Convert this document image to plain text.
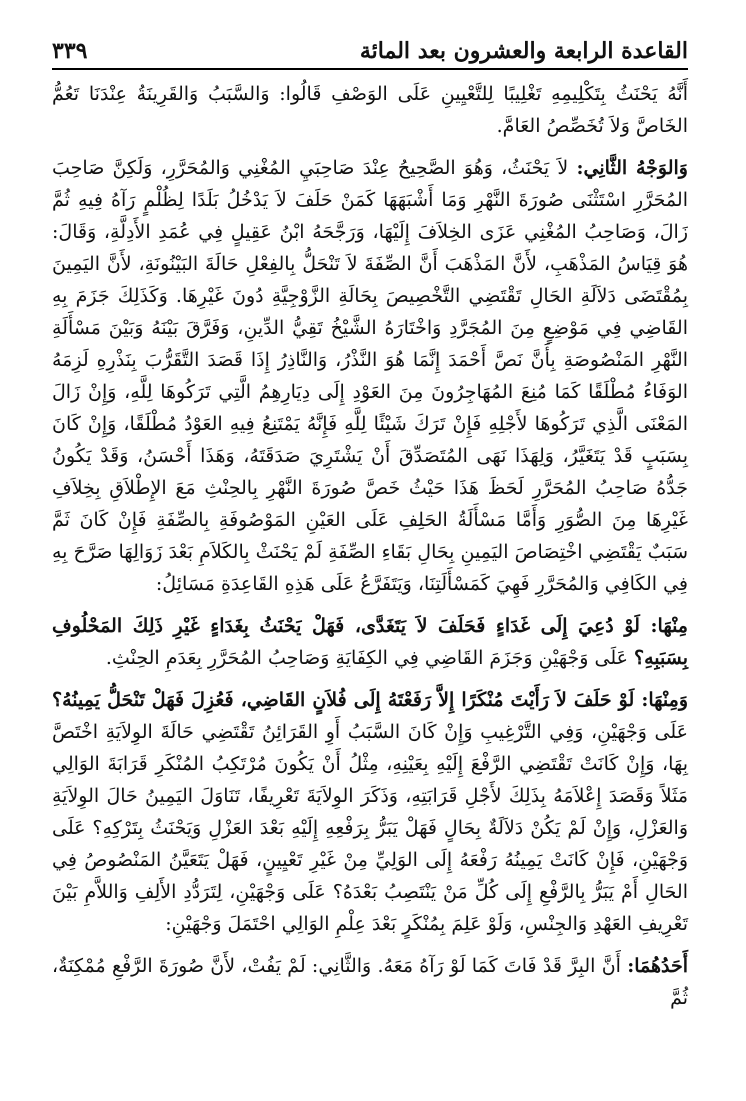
القاعدة الرابعة والعشرون بعد المائة
٣٣٩

أَنَّهُ يَحْنَثُ بِتَكْلِيمِهِ تَغْلِيبًا لِلتَّعْيِينِ عَلَى الوَصْفِ قَالُوا: وَالسَّبَبُ وَالقَرِينَةُ عِنْدَنَا تَعُمُّ الخَاصَّ وَلاَ تُخَصِّصُ العَامَّ.

وَالوَجْهُ الثَّانِي: لاَ يَحْنَثُ، وَهُوَ الصَّحِيحُ عِنْدَ صَاحِبَيِ المُغْنِي وَالمُحَرَّرِ، وَلَكِنَّ صَاحِبَ المُحَرَّرِ اسْتَثْنَى صُورَةَ النَّهْرِ وَمَا أَشْبَهَهَا كَمَنْ حَلَفَ لاَ يَدْخُلُ بَلَدًا لِظُلْمٍ رَآهُ فِيهِ ثُمَّ زَالَ، وَصَاحِبُ المُغْنِي عَزَى الخِلاَفَ إِلَيْهَا، وَرَجَّحَهُ ابْنُ عَقِيلٍ فِي عُمَدِ الأَدِلَّةِ، وَقَالَ: هُوَ قِيَاسُ المَذْهَبِ، لأَنَّ المَذْهَبَ أَنَّ الصِّفَةَ لاَ تَنْحَلُّ بِالفِعْلِ حَالَةَ البَيْنُونَةِ، لأَنَّ اليَمِينَ بِمُقْتَضَى دَلاَلَةِ الحَالِ تَقْتَضِي التَّخْصِيصَ بِحَالَةِ الزَّوْجِيَّةِ دُونَ غَيْرِهَا. وَكَذَلِكَ جَزَمَ بِهِ القَاضِي فِي مَوْضِعٍ مِنَ المُجَرَّدِ وَاخْتَارَهُ الشَّيْخُ تَقِيُّ الدِّينِ، وَفَرَّقَ بَيْنَهُ وَبَيْنَ مَسْأَلَةِ النَّهْرِ المَنْصُوصَةِ بِأَنَّ نَصَّ أَحْمَدَ إِنَّمَا هُوَ النَّذْرُ، وَالنَّاذِرُ إِذَا قَصَدَ التَّقَرُّبَ بِنَذْرِهِ لَزِمَهُ الوَفَاءُ مُطْلَقًا كَمَا مُنِعَ المُهَاجِرُونَ مِنَ العَوْدِ إِلَى دِيَارِهِمُ الَّتِي تَرَكُوهَا لِلَّهِ، وَإِنْ زَالَ المَعْنَى الَّذِي تَرَكُوهَا لأَجْلِهِ فَإِنْ تَرَكَ شَيْئًا لِلَّهِ فَإِنَّهُ يَمْتَنِعُ فِيهِ العَوْدُ مُطْلَقًا، وَإِنْ كَانَ بِسَبَبٍ قَدْ يَتَغَيَّرُ، وَلِهَذَا نَهَى المُتَصَدِّقَ أَنْ يَشْتَرِيَ صَدَقَتَهُ، وَهَذَا أَحْسَنُ، وَقَدْ يَكُونُ جَدُّهُ صَاحِبُ المُحَرَّرِ لَحَظَ هَذَا حَيْثُ خَصَّ صُورَةَ النَّهْرِ بِالحِنْثِ مَعَ الإِطْلاَقِ بِخِلاَفِ غَيْرِهَا مِنَ الصُّوَرِ وَأَمَّا مَسْأَلَةُ الحَلِفِ عَلَى العَيْنِ المَوْصُوفَةِ بِالصِّفَةِ فَإِنْ كَانَ ثَمَّ سَبَبٌ يَقْتَضِي اخْتِصَاصَ اليَمِينِ بِحَالِ بَقَاءِ الصِّفَةِ لَمْ يَحْنَثْ بِالكَلاَمِ بَعْدَ زَوَالِهَا صَرَّحَ بِهِ فِي الكَافِي وَالمُحَرَّرِ فَهِيَ كَمَسْأَلَتِنَا، وَيَتَفَرَّعُ عَلَى هَذِهِ القَاعِدَةِ مَسَائِلُ:

مِنْهَا: لَوْ دُعِيَ إِلَى غَدَاءٍ فَحَلَفَ لاَ يَتَغَدَّى، فَهَلْ يَحْنَثُ بِغَدَاءٍ غَيْرِ ذَلِكَ المَحْلُوفِ بِسَبَبِهِ؟ عَلَى وَجْهَيْنِ وَجَزَمَ القَاضِي فِي الكِفَايَةِ وَصَاحِبُ المُحَرَّرِ بِعَدَمِ الحِنْثِ.

وَمِنْهَا: لَوْ حَلَفَ لاَ رَأَيْتَ مُنْكَرًا إِلاَّ رَفَعْتَهُ إِلَى فُلاَنٍ القَاضِي، فَعُزِلَ فَهَلْ تَنْحَلُّ يَمِينُهُ؟ عَلَى وَجْهَيْنِ، وَفِي التَّرْغِيبِ وَإِنْ كَانَ السَّبَبُ أَوِ القَرَائِنُ تَقْتَضِي حَالَةَ الوِلاَيَةِ اخْتَصَّ بِهَا، وَإِنْ كَانَتْ تَقْتَضِي الرَّفْعَ إِلَيْهِ بِعَيْنِهِ، مِثْلُ أَنْ يَكُونَ مُرْتَكِبُ المُنْكَرِ قَرَابَةَ الوَالِي مَثَلاً وَقَصَدَ إِعْلاَمَهُ بِذَلِكَ لأَجْلِ قَرَابَتِهِ، وَذَكَرَ الوِلاَيَةَ تَعْرِيفًا، تَنَاوَلَ اليَمِينُ حَالَ الوِلاَيَةِ وَالعَزْلِ، وَإِنْ لَمْ يَكُنْ دَلاَلَةٌ بِحَالٍ فَهَلْ يَبَرُّ بِرَفْعِهِ إِلَيْهِ بَعْدَ العَزْلِ وَيَحْنَثُ بِتَرْكِهِ؟ عَلَى وَجْهَيْنِ، فَإِنْ كَانَتْ يَمِينُهُ رَفْعَهُ إِلَى الوَلِيِّ مِنْ غَيْرِ تَعْيِينٍ، فَهَلْ يَتَعَيَّنُ المَنْصُوصُ فِي الحَالِ أَمْ يَبَرُّ بِالرَّفْعِ إِلَى كُلِّ مَنْ يَنْتَصِبُ بَعْدَهُ؟ عَلَى وَجْهَيْنِ، لِتَرَدُّدِ الأَلِفِ وَاللاَّمِ بَيْنَ تَعْرِيفِ العَهْدِ وَالجِنْسِ، وَلَوْ عَلِمَ بِمُنْكَرٍ بَعْدَ عِلْمِ الوَالِي احْتَمَلَ وَجْهَيْنِ:

أَحَدُهُمَا: أَنَّ البِرَّ قَدْ فَاتَ كَمَا لَوْ رَآهُ مَعَهُ. وَالثَّانِي: لَمْ يَفُتْ، لأَنَّ صُورَةَ الرَّفْعِ مُمْكِنَةٌ، ثُمَّ
